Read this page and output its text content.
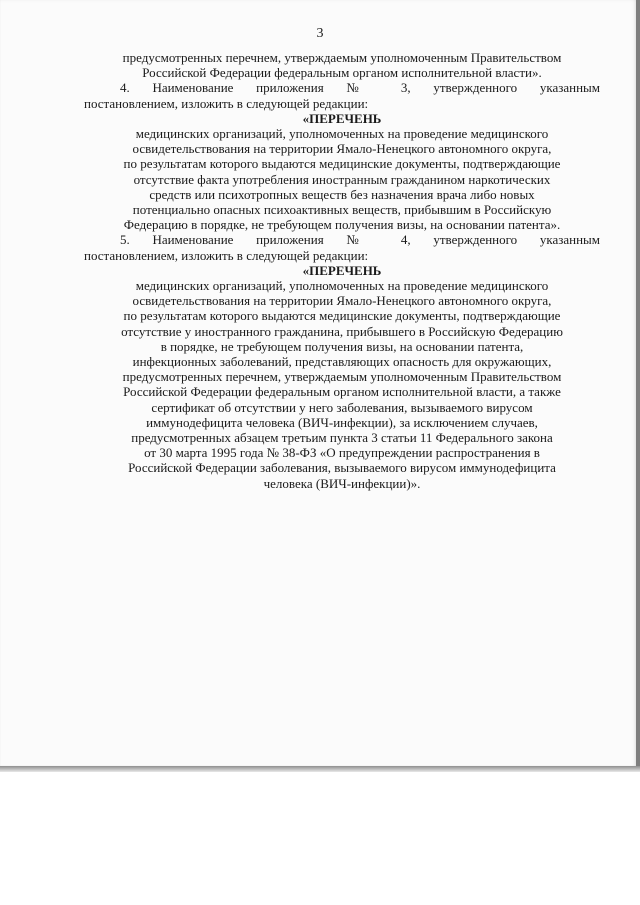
3

предусмотренных перечнем, утверждаемым уполномоченным Правительством

Российской Федерации федеральным органом исполнительной власти».

4. Наименование приложения № 3, утвержденного указанным

постановлением, изложить в следующей редакции:

«ПЕРЕЧЕНЬ

медицинских организаций, уполномоченных на проведение медицинского

освидетельствования на территории Ямало-Ненецкого автономного округа,

по результатам которого выдаются медицинские документы, подтверждающие

отсутствие факта употребления иностранным гражданином наркотических

средств или психотропных веществ без назначения врача либо новых

потенциально опасных психоактивных веществ, прибывшим в Российскую

Федерацию в порядке, не требующем получения визы, на основании патента».

5. Наименование приложения № 4, утвержденного указанным

постановлением, изложить в следующей редакции:

«ПЕРЕЧЕНЬ

медицинских организаций, уполномоченных на проведение медицинского

освидетельствования на территории Ямало-Ненецкого автономного округа,

по результатам которого выдаются медицинские документы, подтверждающие

отсутствие у иностранного гражданина, прибывшего в Российскую Федерацию

в порядке, не требующем получения визы, на основании патента,

инфекционных заболеваний, представляющих опасность для окружающих,

предусмотренных перечнем, утверждаемым уполномоченным Правительством

Российской Федерации федеральным органом исполнительной власти, а также

сертификат об отсутствии у него заболевания, вызываемого вирусом

иммунодефицита человека (ВИЧ-инфекции), за исключением случаев,

предусмотренных абзацем третьим пункта 3 статьи 11 Федерального закона

от 30 марта 1995 года № 38-ФЗ «О предупреждении распространения в

Российской Федерации заболевания, вызываемого вирусом иммунодефицита

человека (ВИЧ-инфекции)».
